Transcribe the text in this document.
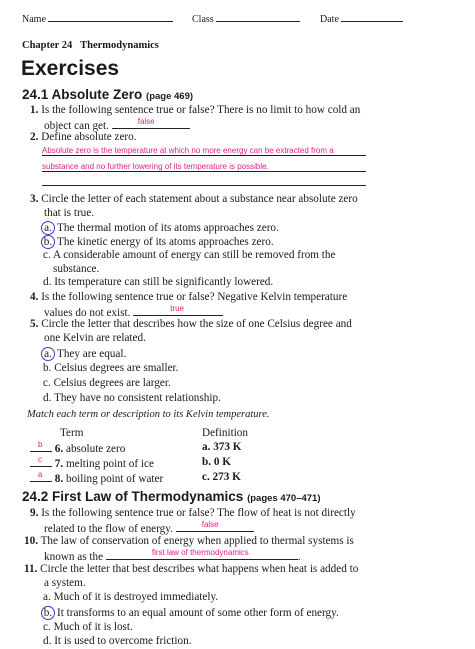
Name	Class	Date
Chapter 24 Thermodynamics
Exercises
24.1 Absolute Zero (page 469)
1. Is the following sentence true or false? There is no limit to how cold an
object can get.	false
2. Define absolute zero.
Absolute zero is the temperature at which no more energy can be extracted from a
substance and no further lowering of its temperature is possible.
3. Circle the letter of each statement about a substance near absolute zero
that is true.
a. The thermal motion of its atoms approaches zero.
b. The kinetic energy of its atoms approaches zero.
c. A considerable amount of energy can still be removed from the
substance.
d. Its temperature can still be significantly lowered.
4. Is the following sentence true or false? Negative Kelvin temperature
values do not exist.	true
5. Circle the letter that describes how the size of one Celsius degree and
one Kelvin are related.
a. They are equal.
b. Celsius degrees are smaller.
c. Celsius degrees are larger.
d. They have no consistent relationship.
Match each term or description to its Kelvin temperature.
Term	Definition
b 6. absolute zero	a. 373 K
c 7. melting point of ice	b. 0 K
a 8. boiling point of water	c. 273 K
24.2 First Law of Thermodynamics (pages 470–471)
9. Is the following sentence true or false? The flow of heat is not directly
related to the flow of energy.	false
10. The law of conservation of energy when applied to thermal systems is
known as the	first law of thermodynamics	.
11. Circle the letter that best describes what happens when heat is added to
a system.
a. Much of it is destroyed immediately.
b. It transforms to an equal amount of some other form of energy.
c. Much of it is lost.
d. It is used to overcome friction.
